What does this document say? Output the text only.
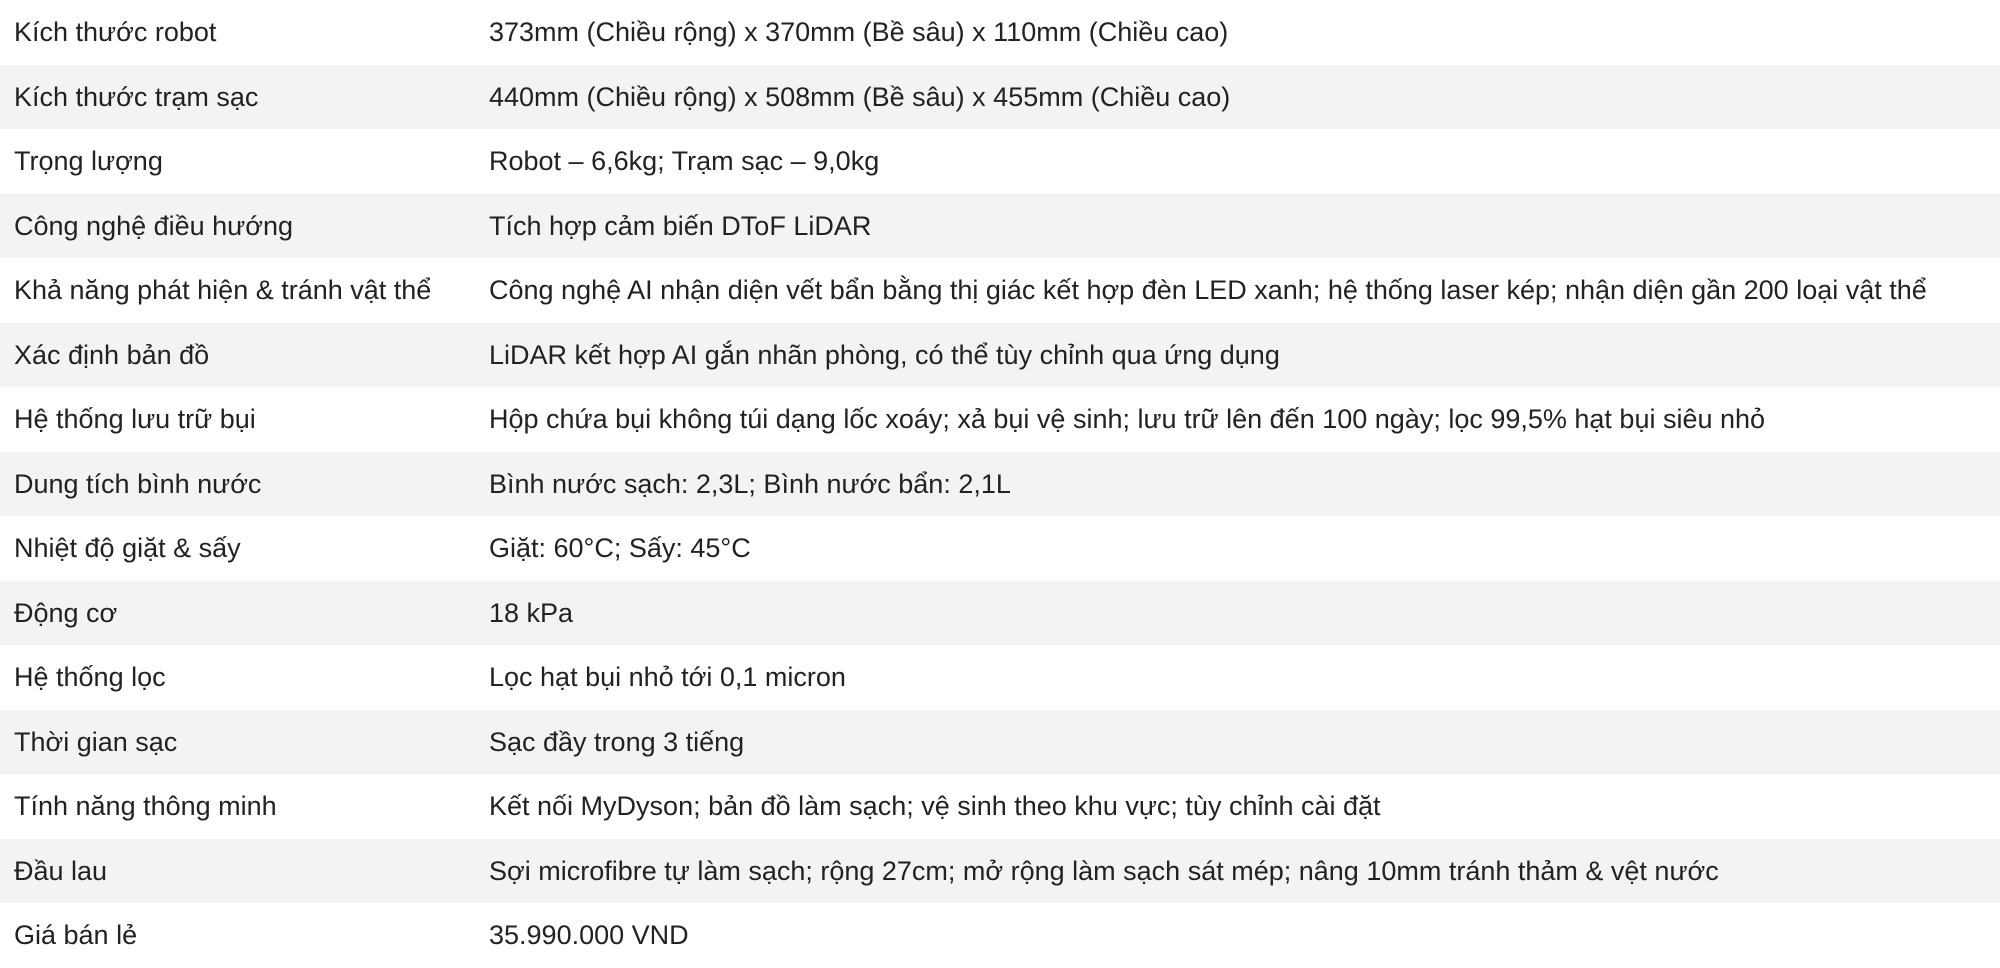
Kích thước robot	373mm (Chiều rộng) x 370mm (Bề sâu) x 110mm (Chiều cao)
Kích thước trạm sạc	440mm (Chiều rộng) x 508mm (Bề sâu) x 455mm (Chiều cao)
Trọng lượng	Robot – 6,6kg; Trạm sạc – 9,0kg
Công nghệ điều hướng	Tích hợp cảm biến DToF LiDAR
Khả năng phát hiện & tránh vật thể	Công nghệ AI nhận diện vết bẩn bằng thị giác kết hợp đèn LED xanh; hệ thống laser kép; nhận diện gần 200 loại vật thể
Xác định bản đồ	LiDAR kết hợp AI gắn nhãn phòng, có thể tùy chỉnh qua ứng dụng
Hệ thống lưu trữ bụi	Hộp chứa bụi không túi dạng lốc xoáy; xả bụi vệ sinh; lưu trữ lên đến 100 ngày; lọc 99,5% hạt bụi siêu nhỏ
Dung tích bình nước	Bình nước sạch: 2,3L; Bình nước bẩn: 2,1L
Nhiệt độ giặt & sấy	Giặt: 60°C; Sấy: 45°C
Động cơ	18 kPa
Hệ thống lọc	Lọc hạt bụi nhỏ tới 0,1 micron
Thời gian sạc	Sạc đầy trong 3 tiếng
Tính năng thông minh	Kết nối MyDyson; bản đồ làm sạch; vệ sinh theo khu vực; tùy chỉnh cài đặt
Đầu lau	Sợi microfibre tự làm sạch; rộng 27cm; mở rộng làm sạch sát mép; nâng 10mm tránh thảm & vệt nước
Giá bán lẻ	35.990.000 VND
